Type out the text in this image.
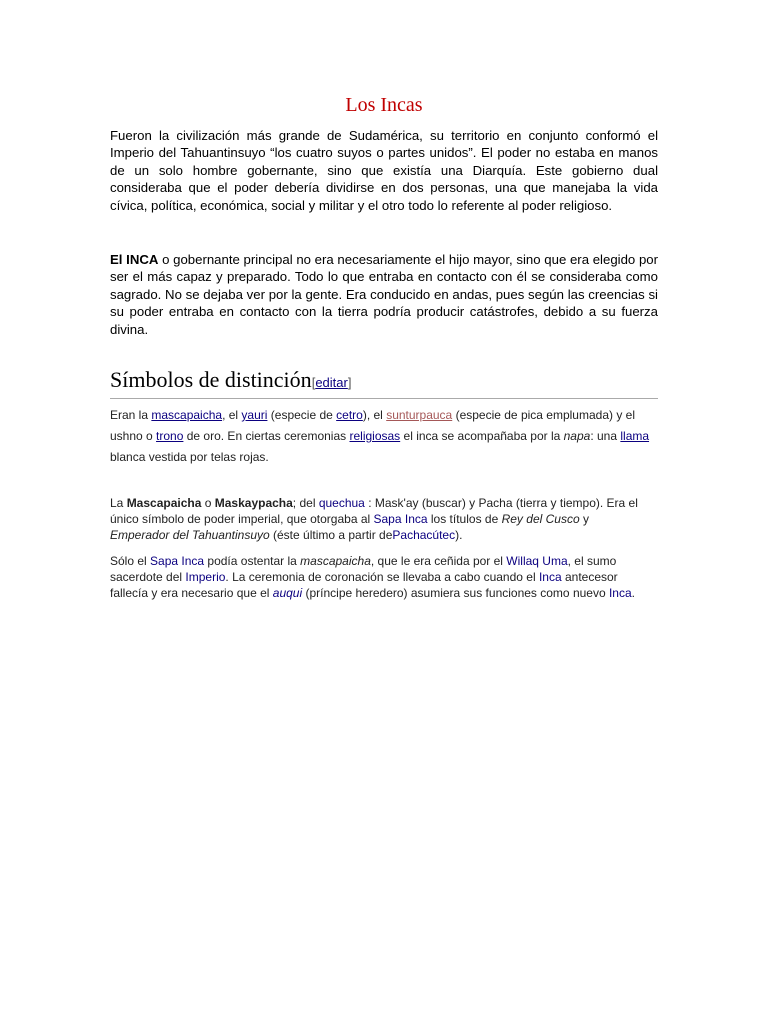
Los Incas
Fueron la civilización más grande de Sudamérica, su territorio en conjunto conformó el Imperio del Tahuantinsuyo “los cuatro suyos o partes unidos”. El poder no estaba en manos de un solo hombre gobernante, sino que existía una Diarquía. Este gobierno dual consideraba que el poder debería dividirse en dos personas, una que manejaba la vida cívica, política, económica, social y militar y el otro todo lo referente al poder religioso.
El INCA o gobernante principal no era necesariamente el hijo mayor, sino que era elegido por ser el más capaz y preparado. Todo lo que entraba en contacto con él se consideraba como sagrado. No se dejaba ver por la gente. Era conducido en andas, pues según las creencias si su poder entraba en contacto con la tierra podría producir catástrofes, debido a su fuerza divina.
Símbolos de distinción[editar]
Eran la mascapaicha, el yauri (especie de cetro), el sunturpauca (especie de pica emplumada) y el ushno o trono de oro. En ciertas ceremonias religiosas el inca se acompañaba por la napa: una llama blanca vestida por telas rojas.
La Mascapaicha o Maskaypacha; del quechua : Mask'ay (buscar) y Pacha (tierra y tiempo). Era el único símbolo de poder imperial, que otorgaba al Sapa Inca los títulos de Rey del Cusco y Emperador del Tahuantinsuyo (éste último a partir dePachacútec).
Sólo el Sapa Inca podía ostentar la mascapaicha, que le era ceñida por el Willaq Uma, el sumo sacerdote del Imperio. La ceremonia de coronación se llevaba a cabo cuando el Inca antecesor fallecía y era necesario que el auqui (príncipe heredero) asumiera sus funciones como nuevo Inca.
